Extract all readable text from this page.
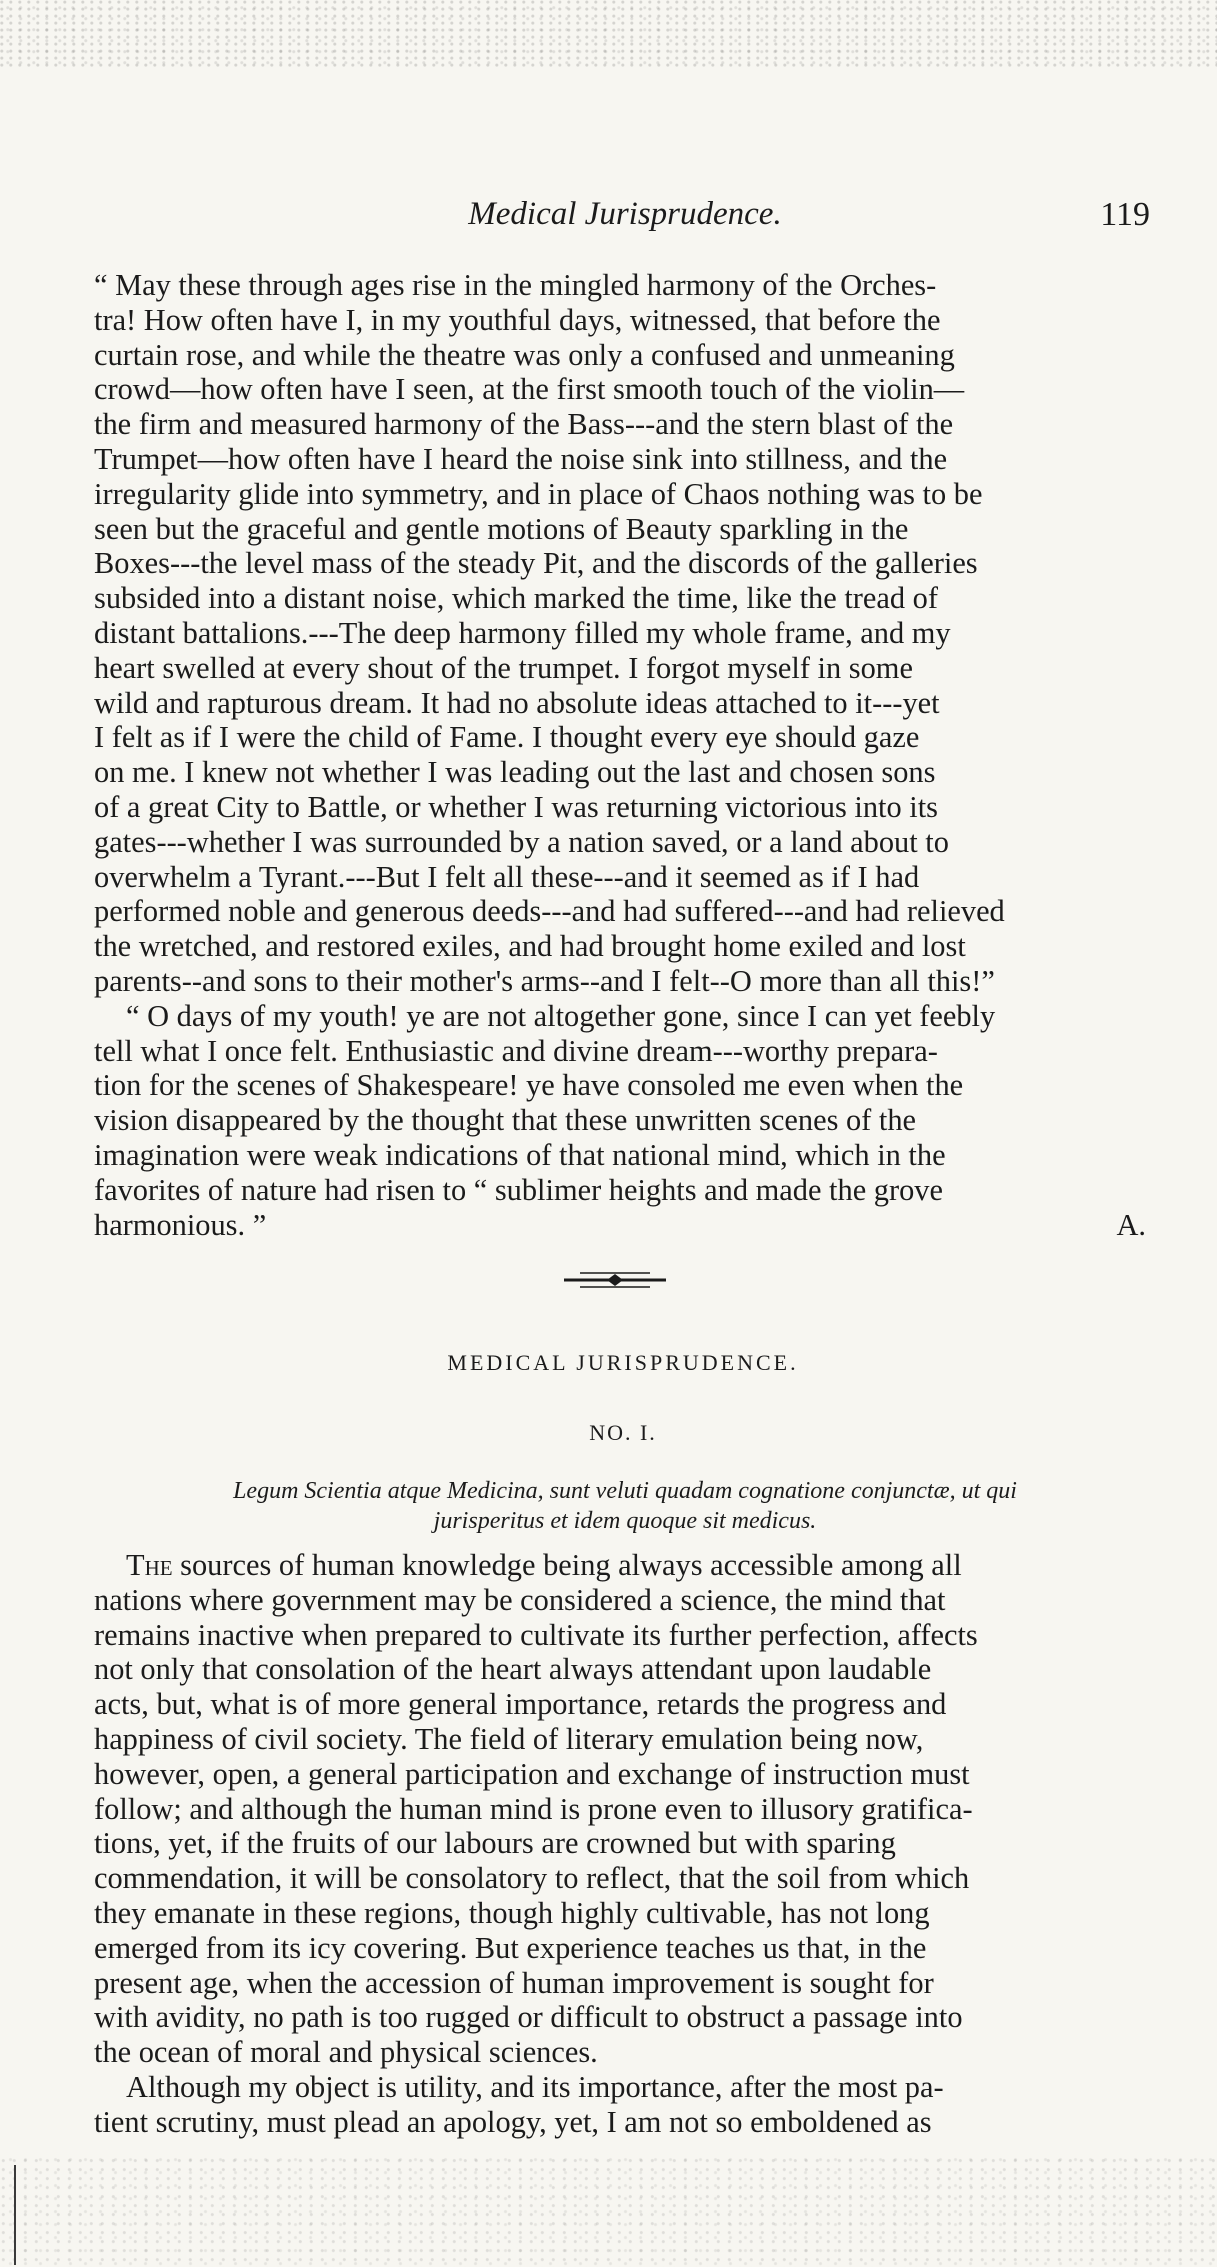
Medical Jurisprudence.	119

“ May these through ages rise in the mingled harmony of the Orches-

tra! How often have I, in my youthful days, witnessed, that before the

curtain rose, and while the theatre was only a confused and unmeaning

crowd—how often have I seen, at the first smooth touch of the violin—

the firm and measured harmony of the Bass---and the stern blast of the

Trumpet—how often have I heard the noise sink into stillness, and the

irregularity glide into symmetry, and in place of Chaos nothing was to be

seen but the graceful and gentle motions of Beauty sparkling in the

Boxes---the level mass of the steady Pit, and the discords of the galleries

subsided into a distant noise, which marked the time, like the tread of

distant battalions.---The deep harmony filled my whole frame, and my

heart swelled at every shout of the trumpet. I forgot myself in some

wild and rapturous dream. It had no absolute ideas attached to it---yet

I felt as if I were the child of Fame. I thought every eye should gaze

on me. I knew not whether I was leading out the last and chosen sons

of a great City to Battle, or whether I was returning victorious into its

gates---whether I was surrounded by a nation saved, or a land about to

overwhelm a Tyrant.---But I felt all these---and it seemed as if I had

performed noble and generous deeds---and had suffered---and had relieved

the wretched, and restored exiles, and had brought home exiled and lost

parents--and sons to their mother's arms--and I felt--O more than all this!”

“ O days of my youth! ye are not altogether gone, since I can yet feebly

tell what I once felt. Enthusiastic and divine dream---worthy prepara-

tion for the scenes of Shakespeare! ye have consoled me even when the

vision disappeared by the thought that these unwritten scenes of the

imagination were weak indications of that national mind, which in the

favorites of nature had risen to “ sublimer heights and made the grove

harmonious. ”	A.
MEDICAL JURISPRUDENCE.
NO. I.
Legum Scientia atque Medicina, sunt veluti quadam cognatione conjunctæ, ut qui
jurisperitus et idem quoque sit medicus.

The sources of human knowledge being always accessible among all

nations where government may be considered a science, the mind that

remains inactive when prepared to cultivate its further perfection, affects

not only that consolation of the heart always attendant upon laudable

acts, but, what is of more general importance, retards the progress and

happiness of civil society. The field of literary emulation being now,

however, open, a general participation and exchange of instruction must

follow; and although the human mind is prone even to illusory gratifica-

tions, yet, if the fruits of our labours are crowned but with sparing

commendation, it will be consolatory to reflect, that the soil from which

they emanate in these regions, though highly cultivable, has not long

emerged from its icy covering. But experience teaches us that, in the

present age, when the accession of human improvement is sought for

with avidity, no path is too rugged or difficult to obstruct a passage into

the ocean of moral and physical sciences.

Although my object is utility, and its importance, after the most pa-

tient scrutiny, must plead an apology, yet, I am not so emboldened as
